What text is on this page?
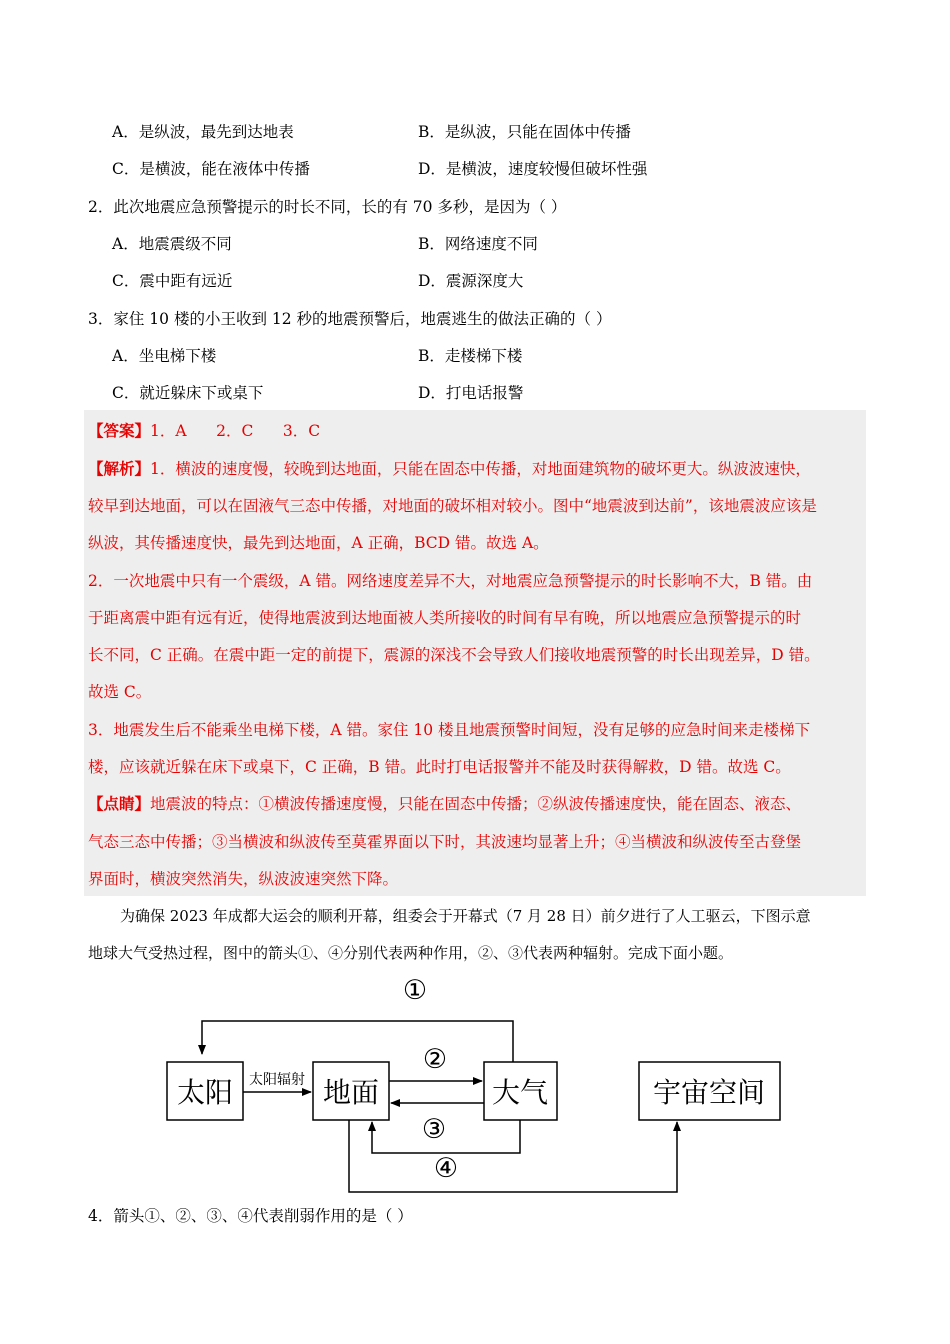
A．是纵波，最先到达地表	B．是纵波，只能在固体中传播
C．是横波，能在液体中传播	D．是横波，速度较慢但破坏性强
2．此次地震应急预警提示的时长不同，长的有 70 多秒，是因为（ ）
A．地震震级不同	B．网络速度不同
C．震中距有远近	D．震源深度大
3．家住 10 楼的小王收到 12 秒的地震预警后，地震逃生的做法正确的（ ）
A．坐电梯下楼	B．走楼梯下楼
C．就近躲床下或桌下	D．打电话报警
【答案】1．A      2．C      3．C
【解析】1．横波的速度慢，较晚到达地面，只能在固态中传播，对地面建筑物的破坏更大。纵波波速快，
较早到达地面，可以在固液气三态中传播，对地面的破坏相对较小。图中“地震波到达前”，该地震波应该是
纵波，其传播速度快，最先到达地面，A 正确，BCD 错。故选 A。
2．一次地震中只有一个震级，A 错。网络速度差异不大，对地震应急预警提示的时长影响不大，B 错。由
于距离震中距有远有近，使得地震波到达地面被人类所接收的时间有早有晚，所以地震应急预警提示的时
长不同，C 正确。在震中距一定的前提下，震源的深浅不会导致人们接收地震预警的时长出现差异，D 错。
故选 C。
3．地震发生后不能乘坐电梯下楼，A 错。家住 10 楼且地震预警时间短，没有足够的应急时间来走楼梯下
楼，应该就近躲在床下或桌下，C 正确，B 错。此时打电话报警并不能及时获得解救，D 错。故选 C。
【点睛】地震波的特点：①横波传播速度慢，只能在固态中传播；②纵波传播速度快，能在固态、液态、
气态三态中传播；③当横波和纵波传至莫霍界面以下时，其波速均显著上升；④当横波和纵波传至古登堡
界面时，横波突然消失，纵波波速突然下降。
为确保 2023 年成都大运会的顺利开幕，组委会于开幕式（7 月 28 日）前夕进行了人工驱云，下图示意
地球大气受热过程，图中的箭头①、④分别代表两种作用，②、③代表两种辐射。完成下面小题。
①
太阳	地面	大气	宇宙空间
太阳辐射
②
③
④
4．箭头①、②、③、④代表削弱作用的是（ ）
